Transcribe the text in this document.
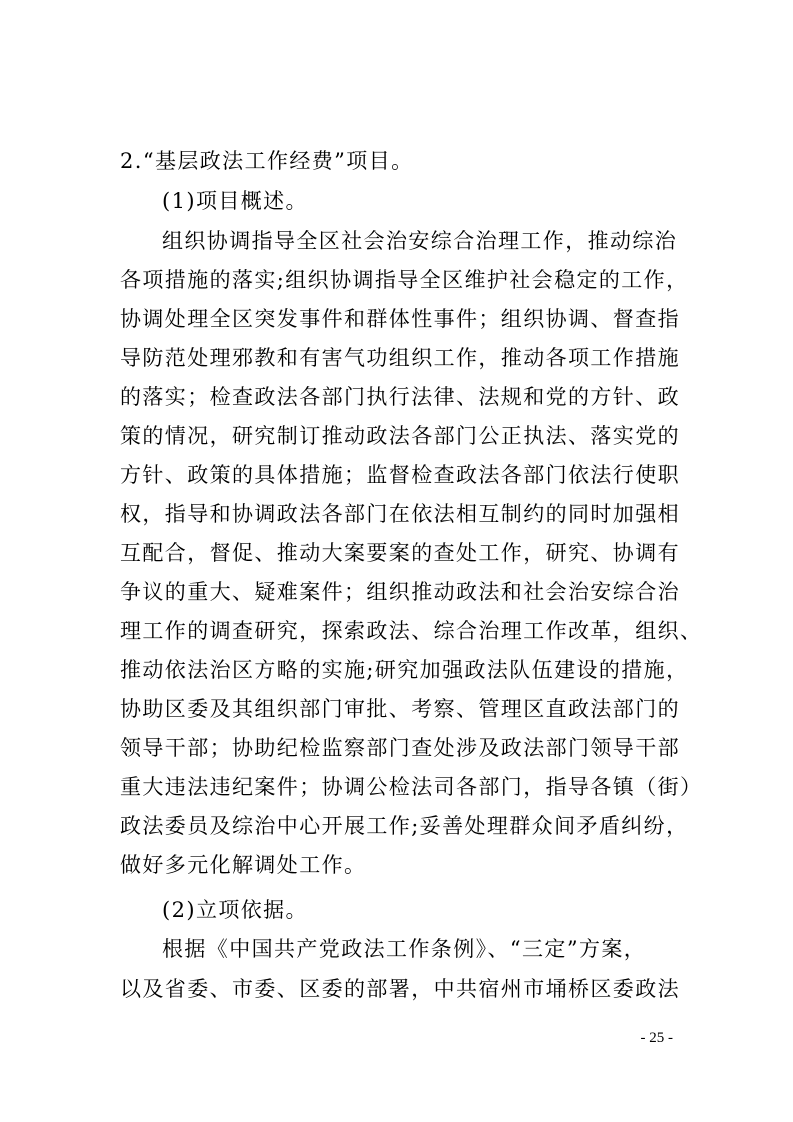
2.“基层政法工作经费”项目。
(1)项目概述。
组织协调指导全区社会治安综合治理工作，推动综治
各项措施的落实;组织协调指导全区维护社会稳定的工作，
协调处理全区突发事件和群体性事件；组织协调、督查指
导防范处理邪教和有害气功组织工作，推动各项工作措施
的落实；检查政法各部门执行法律、法规和党的方针、政
策的情况，研究制订推动政法各部门公正执法、落实党的
方针、政策的具体措施；监督检查政法各部门依法行使职
权，指导和协调政法各部门在依法相互制约的同时加强相
互配合，督促、推动大案要案的查处工作，研究、协调有
争议的重大、疑难案件；组织推动政法和社会治安综合治
理工作的调查研究，探索政法、综合治理工作改革，组织、
推动依法治区方略的实施;研究加强政法队伍建设的措施，
协助区委及其组织部门审批、考察、管理区直政法部门的
领导干部；协助纪检监察部门查处涉及政法部门领导干部
重大违法违纪案件；协调公检法司各部门，指导各镇（街）
政法委员及综治中心开展工作;妥善处理群众间矛盾纠纷，
做好多元化解调处工作。
(2)立项依据。
根据《中国共产党政法工作条例》、“三定”方案，
以及省委、市委、区委的部署，中共宿州市埇桥区委政法
- 25 -
